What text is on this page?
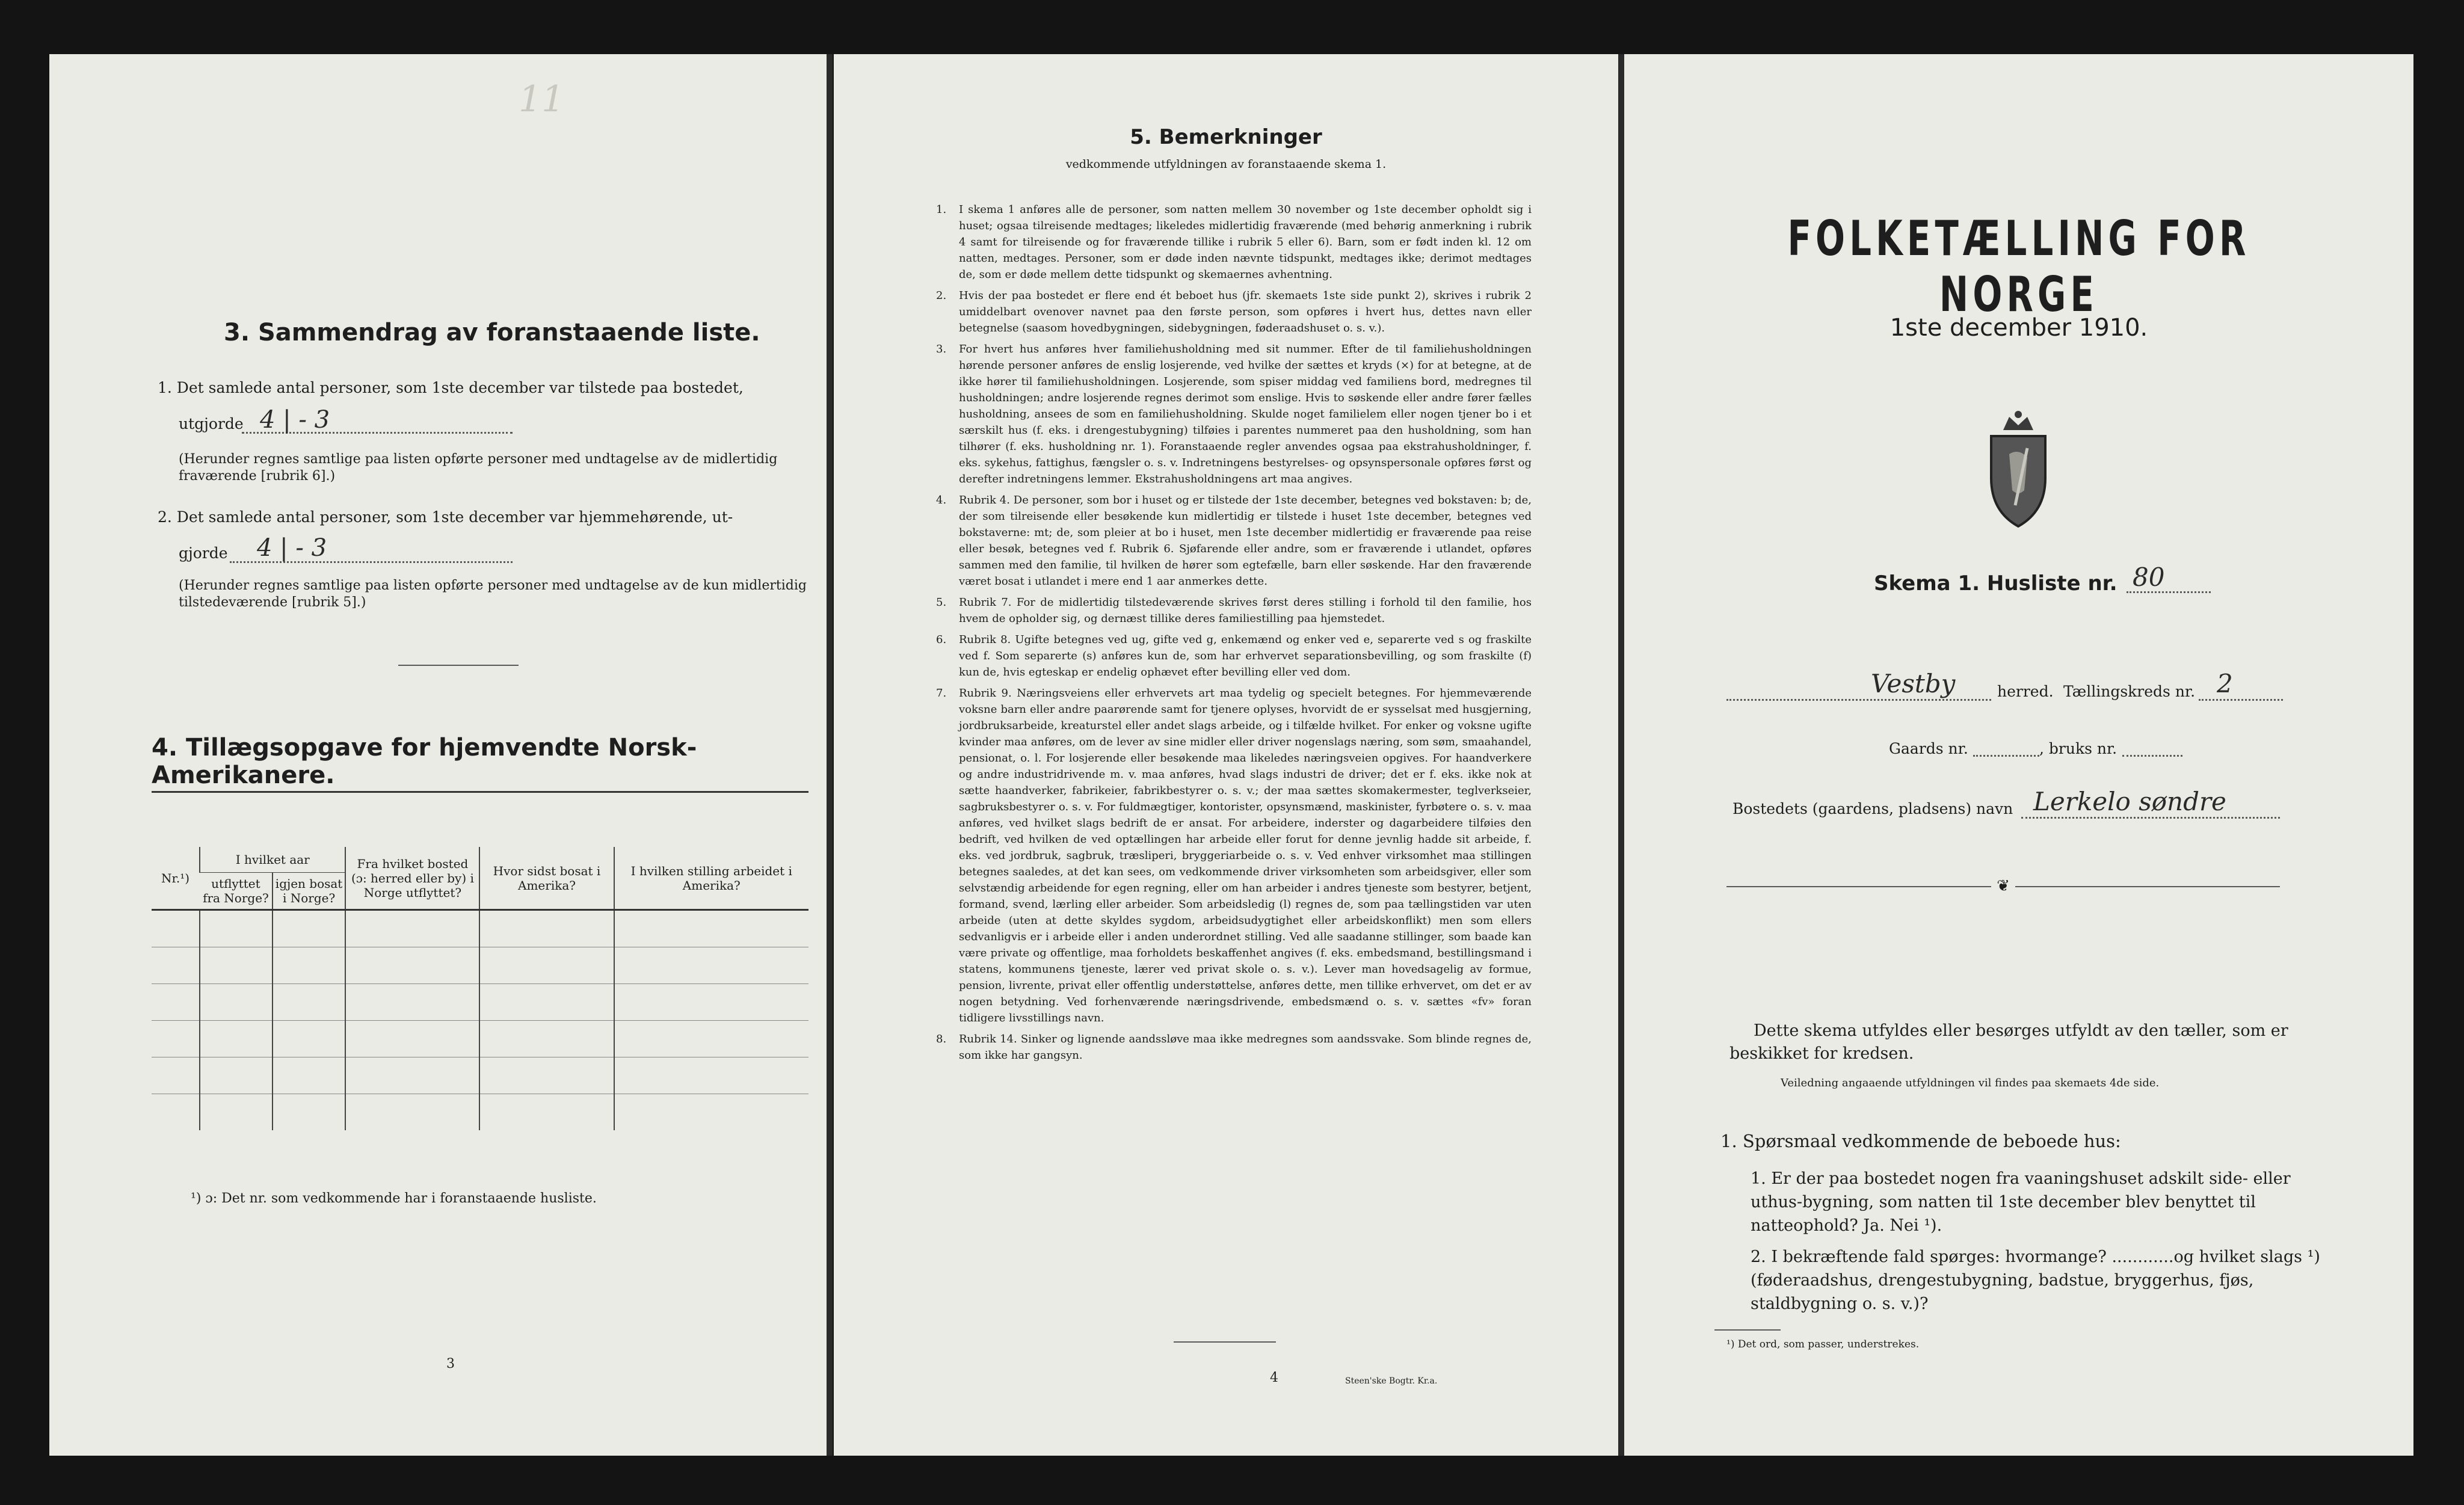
11
3. Sammendrag av foranstaaende liste.
1. Det samlede antal personer, som 1ste december var tilstede paa bostedet,
utgjorde 4 | - 3
(Herunder regnes samtlige paa listen opførte personer med undtagelse av de midlertidig fraværende [rubrik 6].)
2. Det samlede antal personer, som 1ste december var hjemmehørende, ut-
gjorde 4 | - 3
(Herunder regnes samtlige paa listen opførte personer med undtagelse av de kun midlertidig tilstedeværende [rubrik 5].)
4. Tillægsopgave for hjemvendte Norsk-Amerikanere.
Nr.¹)	I hvilket aar		Fra hvilket bosted (ɔ: herred eller by) i Norge utflyttet?	Hvor sidst bosat i Amerika?	I hvilken stilling arbeidet i Amerika?
	utflyttet fra Norge?	igjen bosat i Norge?			

¹) ɔ: Det nr. som vedkommende har i foranstaaende husliste.
3
5. Bemerkninger
vedkommende utfyldningen av foranstaaende skema 1.
1. I skema 1 anføres alle de personer, som natten mellem 30 november og 1ste december opholdt sig i huset; ogsaa tilreisende medtages; likeledes midlertidig fraværende (med behørig anmerkning i rubrik 4 samt for tilreisende og for fraværende tillike i rubrik 5 eller 6). Barn, som er født inden kl. 12 om natten, medtages. Personer, som er døde inden nævnte tidspunkt, medtages ikke; derimot medtages de, som er døde mellem dette tidspunkt og skemaernes avhentning.
2. Hvis der paa bostedet er flere end ét beboet hus (jfr. skemaets 1ste side punkt 2), skrives i rubrik 2 umiddelbart ovenover navnet paa den første person, som opføres i hvert hus, dettes navn eller betegnelse (saasom hovedbygningen, sidebygningen, føderaadshuset o. s. v.).
3. For hvert hus anføres hver familiehusholdning med sit nummer. Efter de til familiehusholdningen hørende personer anføres de enslig losjerende, ved hvilke der sættes et kryds (×) for at betegne, at de ikke hører til familiehusholdningen. Losjerende, som spiser middag ved familiens bord, medregnes til husholdningen; andre losjerende regnes derimot som enslige. Hvis to søskende eller andre fører fælles husholdning, ansees de som en familiehusholdning. Skulde noget familielem eller nogen tjener bo i et særskilt hus (f. eks. i drengestubygning) tilføies i parentes nummeret paa den husholdning, som han tilhører (f. eks. husholdning nr. 1). Foranstaaende regler anvendes ogsaa paa ekstrahusholdninger, f. eks. sykehus, fattighus, fængsler o. s. v. Indretningens bestyrelses- og opsynspersonale opføres først og derefter indretningens lemmer. Ekstrahusholdningens art maa angives.
4. Rubrik 4. De personer, som bor i huset og er tilstede der 1ste december, betegnes ved bokstaven: b; de, der som tilreisende eller besøkende kun midlertidig er tilstede i huset 1ste december, betegnes ved bokstaverne: mt; de, som pleier at bo i huset, men 1ste december midlertidig er fraværende paa reise eller besøk, betegnes ved f. Rubrik 6. Sjøfarende eller andre, som er fraværende i utlandet, opføres sammen med den familie, til hvilken de hører som egtefælle, barn eller søskende. Har den fraværende været bosat i utlandet i mere end 1 aar anmerkes dette.
5. Rubrik 7. For de midlertidig tilstedeværende skrives først deres stilling i forhold til den familie, hos hvem de opholder sig, og dernæst tillike deres familiestilling paa hjemstedet.
6. Rubrik 8. Ugifte betegnes ved ug, gifte ved g, enkemænd og enker ved e, separerte ved s og fraskilte ved f. Som separerte (s) anføres kun de, som har erhvervet separationsbevilling, og som fraskilte (f) kun de, hvis egteskap er endelig ophævet efter bevilling eller ved dom.
7. Rubrik 9. Næringsveiens eller erhvervets art maa tydelig og specielt betegnes. For hjemmeværende voksne barn eller andre paarørende samt for tjenere oplyses, hvorvidt de er sysselsat med husgjerning, jordbruksarbeide, kreaturstel eller andet slags arbeide, og i tilfælde hvilket. For enker og voksne ugifte kvinder maa anføres, om de lever av sine midler eller driver nogenslags næring, som søm, smaahandel, pensionat, o. l. For losjerende eller besøkende maa likeledes næringsveien opgives. For haandverkere og andre industridrivende m. v. maa anføres, hvad slags industri de driver; det er f. eks. ikke nok at sætte haandverker, fabrikeier, fabrikbestyrer o. s. v.; der maa sættes skomakermester, teglverkseier, sagbruksbestyrer o. s. v. For fuldmægtiger, kontorister, opsynsmænd, maskinister, fyrbøtere o. s. v. maa anføres, ved hvilket slags bedrift de er ansat. For arbeidere, inderster og dagarbeidere tilføies den bedrift, ved hvilken de ved optællingen har arbeide eller forut for denne jevnlig hadde sit arbeide, f. eks. ved jordbruk, sagbruk, træsliperi, bryggeriarbeide o. s. v. Ved enhver virksomhet maa stillingen betegnes saaledes, at det kan sees, om vedkommende driver virksomheten som arbeidsgiver, eller som selvstændig arbeidende for egen regning, eller om han arbeider i andres tjeneste som bestyrer, betjent, formand, svend, lærling eller arbeider. Som arbeidsledig (l) regnes de, som paa tællingstiden var uten arbeide (uten at dette skyldes sygdom, arbeidsudygtighet eller arbeidskonflikt) men som ellers sedvanligvis er i arbeide eller i anden underordnet stilling. Ved alle saadanne stillinger, som baade kan være private og offentlige, maa forholdets beskaffenhet angives (f. eks. embedsmand, bestillingsmand i statens, kommunens tjeneste, lærer ved privat skole o. s. v.). Lever man hovedsagelig av formue, pension, livrente, privat eller offentlig understøttelse, anføres dette, men tillike erhvervet, om det er av nogen betydning. Ved forhenværende næringsdrivende, embedsmænd o. s. v. sættes «fv» foran tidligere livsstillings navn.
8. Rubrik 14. Sinker og lignende aandssløve maa ikke medregnes som aandssvake. Som blinde regnes de, som ikke har gangsyn.
4	Steen'ske Bogtr. Kr.a.
FOLKETÆLLING FOR NORGE
1ste december 1910.
Skema 1. Husliste nr. 80
Vestby	herred. Tællingskreds nr. 2
Gaards nr.	, bruks nr.
Bostedets (gaardens, pladsens) navn Lerkelo søndre
❦
Dette skema utfyldes eller besørges utfyldt av den tæller, som er beskikket for kredsen.
Veiledning angaaende utfyldningen vil findes paa skemaets 4de side.
1. Spørsmaal vedkommende de beboede hus:
1. Er der paa bostedet nogen fra vaaningshuset adskilt side- eller uthus-bygning, som natten til 1ste december blev benyttet til natteophold? Ja. Nei ¹).
2. I bekræftende fald spørges: hvormange? ............og hvilket slags ¹) (føderaadshus, drengestubygning, badstue, bryggerhus, fjøs, staldbygning o. s. v.)?
¹) Det ord, som passer, understrekes.
